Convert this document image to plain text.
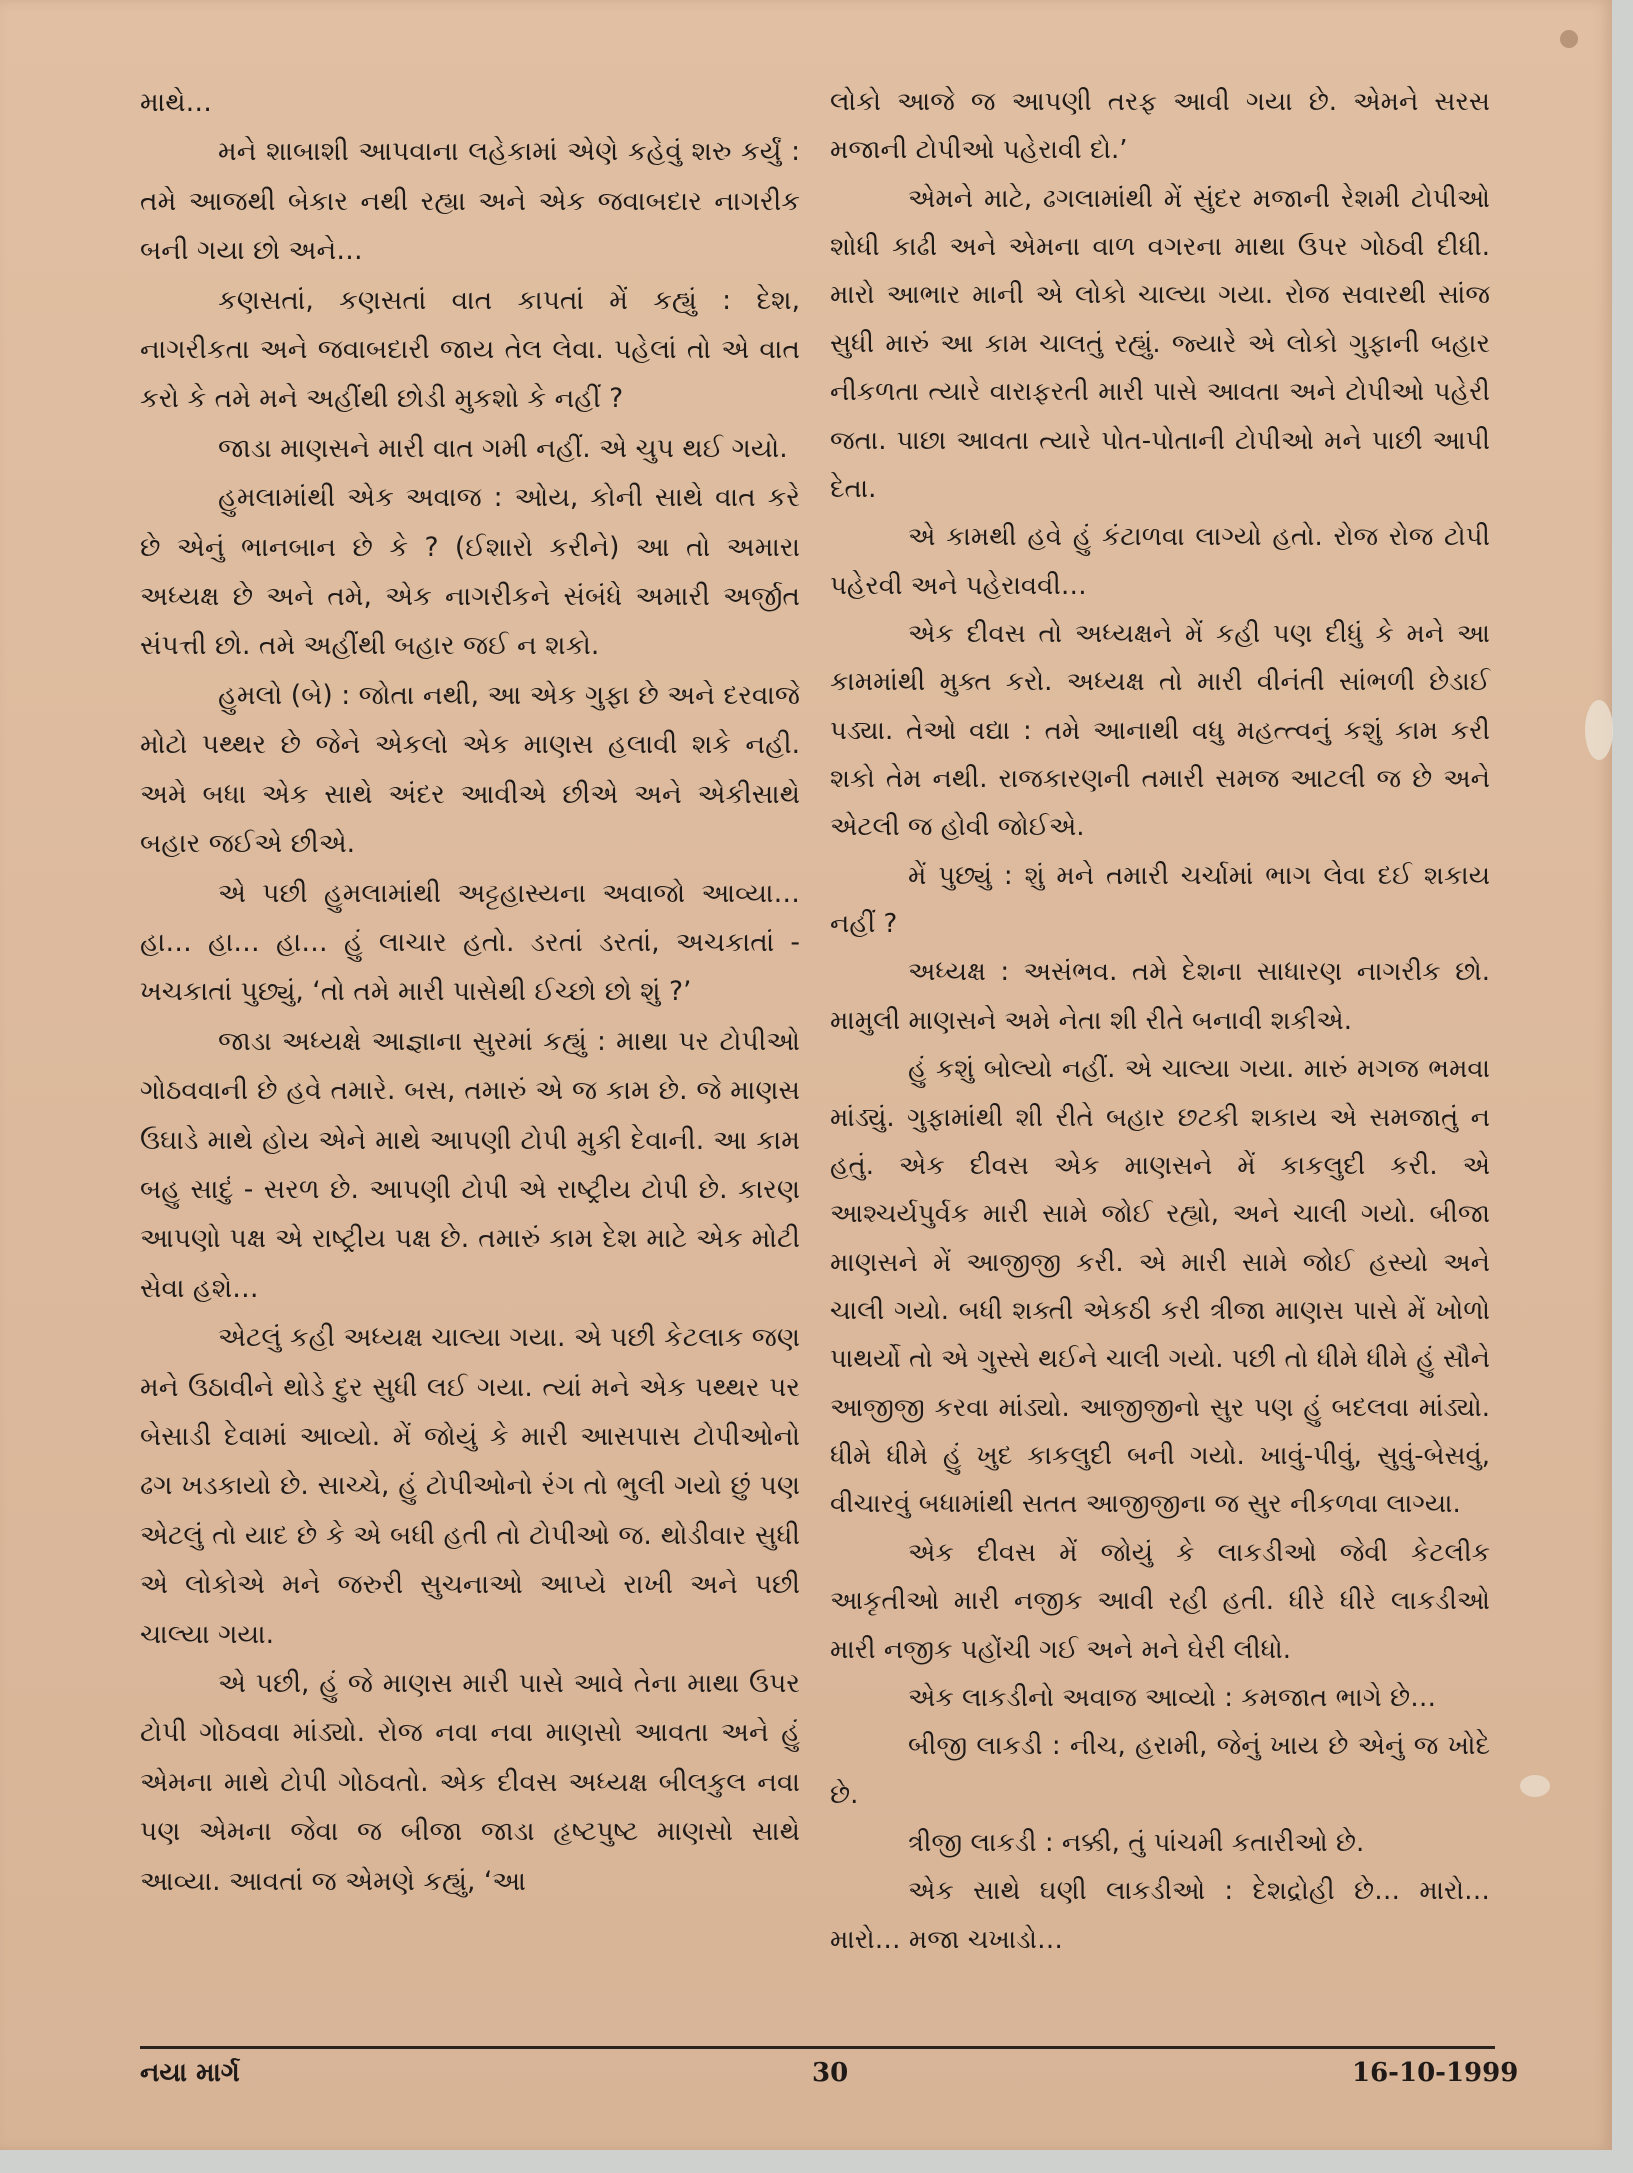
માથે…

મને શાબાશી આપવાના લહેકામાં એણે કહેવું શરુ કર્યું : તમે આજથી બેકાર નથી રહ્યા અને એક જવાબદાર નાગરીક બની ગયા છો અને…

કણસતાં, કણસતાં વાત કાપતાં મેં કહ્યું : દેશ, નાગરીકતા અને જવાબદારી જાય તેલ લેવા. પહેલાં તો એ વાત કરો કે તમે મને અહીંથી છોડી મુકશો કે નહીં ?

જાડા માણસને મારી વાત ગમી નહીં. એ ચુપ થઈ ગયો.

હુમલામાંથી એક અવાજ : ઓય, કોની સાથે વાત કરે છે એનું ભાનબાન છે કે ? (ઈશારો કરીને) આ તો અમારા અધ્યક્ષ છે અને તમે, એક નાગરીકને સંબંધે અમારી અર્જીત સંપત્તી છો. તમે અહીંથી બહાર જઈ ન શકો.

હુમલો (બે) : જોતા નથી, આ એક ગુફા છે અને દરવાજે મોટો પથ્થર છે જેને એકલો એક માણસ હલાવી શકે નહી. અમે બધા એક સાથે અંદર આવીએ છીએ અને એકીસાથે બહાર જઈએ છીએ.

એ પછી હુમલામાંથી અટ્ટહાસ્યના અવાજો આવ્યા… હા… હા… હા… હું લાચાર હતો. ડરતાં ડરતાં, અચકાતાં - ખચકાતાં પુછ્યું, ‘તો તમે મારી પાસેથી ઈચ્છો છો શું ?’

જાડા અધ્યક્ષે આજ્ઞાના સુરમાં કહ્યું : માથા પર ટોપીઓ ગોઠવવાની છે હવે તમારે. બસ, તમારું એ જ કામ છે. જે માણસ ઉઘાડે માથે હોય એને માથે આપણી ટોપી મુકી દેવાની. આ કામ બહુ સાદું - સરળ છે. આપણી ટોપી એ રાષ્ટ્રીય ટોપી છે. કારણ આપણો પક્ષ એ રાષ્ટ્રીય પક્ષ છે. તમારું કામ દેશ માટે એક મોટી સેવા હશે…

એટલું કહી અધ્યક્ષ ચાલ્યા ગયા. એ પછી કેટલાક જણ મને ઉઠાવીને થોડે દુર સુધી લઈ ગયા. ત્યાં મને એક પથ્થર પર બેસાડી દેવામાં આવ્યો. મેં જોયું કે મારી આસપાસ ટોપીઓનો ઢગ ખડકાયો છે. સાચ્ચે, હું ટોપીઓનો રંગ તો ભુલી ગયો છું પણ એટલું તો યાદ છે કે એ બધી હતી તો ટોપીઓ જ. થોડીવાર સુધી એ લોકોએ મને જરુરી સુચનાઓ આપ્યે રાખી અને પછી ચાલ્યા ગયા.

એ પછી, હું જે માણસ મારી પાસે આવે તેના માથા ઉપર ટોપી ગોઠવવા માંડ્યો. રોજ નવા નવા માણસો આવતા અને હું એમના માથે ટોપી ગોઠવતો. એક દીવસ અધ્યક્ષ બીલકુલ નવા પણ એમના જેવા જ બીજા જાડા હૃષ્ટપુષ્ટ માણસો સાથે આવ્યા. આવતાં જ એમણે કહ્યું, ‘આ

લોકો આજે જ આપણી તરફ આવી ગયા છે. એમને સરસ મજાની ટોપીઓ પહેરાવી દો.’

એમને માટે, ઢગલામાંથી મેં સુંદર મજાની રેશમી ટોપીઓ શોધી કાઢી અને એમના વાળ વગરના માથા ઉપર ગોઠવી દીધી. મારો આભાર માની એ લોકો ચાલ્યા ગયા. રોજ સવારથી સાંજ સુધી મારું આ કામ ચાલતું રહ્યું. જ્યારે એ લોકો ગુફાની બહાર નીકળતા ત્યારે વારાફરતી મારી પાસે આવતા અને ટોપીઓ પહેરી જતા. પાછા આવતા ત્યારે પોત-પોતાની ટોપીઓ મને પાછી આપી દેતા.

એ કામથી હવે હું કંટાળવા લાગ્યો હતો. રોજ રોજ ટોપી પહેરવી અને પહેરાવવી…

એક દીવસ તો અધ્યક્ષને મેં કહી પણ દીધું કે મને આ કામમાંથી મુક્ત કરો. અધ્યક્ષ તો મારી વીનંતી સાંભળી છેડાઈ પડ્યા. તેઓ વદ્યા : તમે આનાથી વધુ મહત્ત્વનું કશું કામ કરી શકો તેમ નથી. રાજકારણની તમારી સમજ આટલી જ છે અને એટલી જ હોવી જોઈએ.

મેં પુછ્યું : શું મને તમારી ચર્ચામાં ભાગ લેવા દઈ શકાય નહીં ?

અધ્યક્ષ : અસંભવ. તમે દેશના સાધારણ નાગરીક છો. મામુલી માણસને અમે નેતા શી રીતે બનાવી શકીએ.

હું કશું બોલ્યો નહીં. એ ચાલ્યા ગયા. મારું મગજ ભમવા માંડ્યું. ગુફામાંથી શી રીતે બહાર છટકી શકાય એ સમજાતું ન હતું. એક દીવસ એક માણસને મેં કાકલુદી કરી. એ આશ્ચર્યપુર્વક મારી સામે જોઈ રહ્યો, અને ચાલી ગયો. બીજા માણસને મેં આજીજી કરી. એ મારી સામે જોઈ હસ્યો અને ચાલી ગયો. બધી શક્તી એકઠી કરી ત્રીજા માણસ પાસે મેં ખોળો પાથર્યો તો એ ગુસ્સે થઈને ચાલી ગયો. પછી તો ધીમે ધીમે હું સૌને આજીજી કરવા માંડ્યો. આજીજીનો સુર પણ હું બદલવા માંડ્યો. ધીમે ધીમે હું ખુદ કાકલુદી બની ગયો. ખાવું-પીવું, સુવું-બેસવું, વીચારવું બધામાંથી સતત આજીજીના જ સુર નીકળવા લાગ્યા.

એક દીવસ મેં જોયું કે લાકડીઓ જેવી કેટલીક આકૃતીઓ મારી નજીક આવી રહી હતી. ધીરે ધીરે લાકડીઓ મારી નજીક પહોંચી ગઈ અને મને ઘેરી લીધો.

એક લાકડીનો અવાજ આવ્યો : કમજાત ભાગે છે…

બીજી લાકડી : નીચ, હરામી, જેનું ખાય છે એનું જ ખોદે છે.

ત્રીજી લાકડી : નક્કી, તું પાંચમી કતારીઓ છે.

એક સાથે ઘણી લાકડીઓ : દેશદ્રોહી છે… મારો… મારો… મજા ચખાડો…

નયા માર્ગ	30	16-10-1999
